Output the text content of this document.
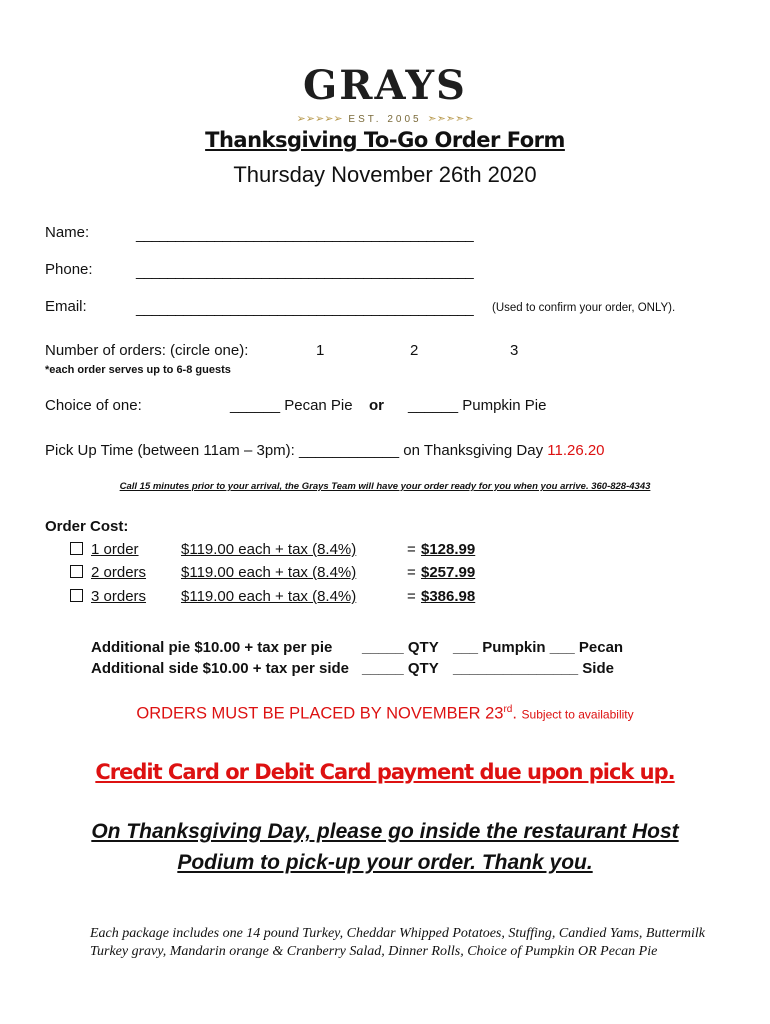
GRAYS
➢➢➢➢➢ EST. 2005 ➣➣➣➣➣
Thanksgiving To-Go Order Form
Thursday November 26th 2020
Name:	___________________________________________
Phone:	___________________________________________
Email:	___________________________________________ (Used to confirm your order, ONLY).
Number of orders: (circle one):	1	2	3
*each order serves up to 6-8 guests
Choice of one:	______ Pecan Pie or ______ Pumpkin Pie
Pick Up Time (between 11am – 3pm): ____________ on Thanksgiving Day 11.26.20
Call 15 minutes prior to your arrival, the Grays Team will have your order ready for you when you arrive. 360-828-4343
Order Cost:
1 order	$119.00 each + tax (8.4%)	= $128.99
2 orders $119.00 each + tax (8.4%)	= $257.99
3 orders $119.00 each + tax (8.4%)	= $386.98
Additional pie $10.00 + tax per pie _____ QTY ___ Pumpkin ___ Pecan
Additional side $10.00 + tax per side _____ QTY _______________ Side
ORDERS MUST BE PLACED BY NOVEMBER 23rd. Subject to availability
Credit Card or Debit Card payment due upon pick up.
On Thanksgiving Day, please go inside the restaurant Host
Podium to pick-up your order. Thank you.
Each package includes one 14 pound Turkey, Cheddar Whipped Potatoes, Stuffing, Candied Yams, Buttermilk Turkey gravy, Mandarin orange & Cranberry Salad, Dinner Rolls, Choice of Pumpkin OR Pecan Pie
